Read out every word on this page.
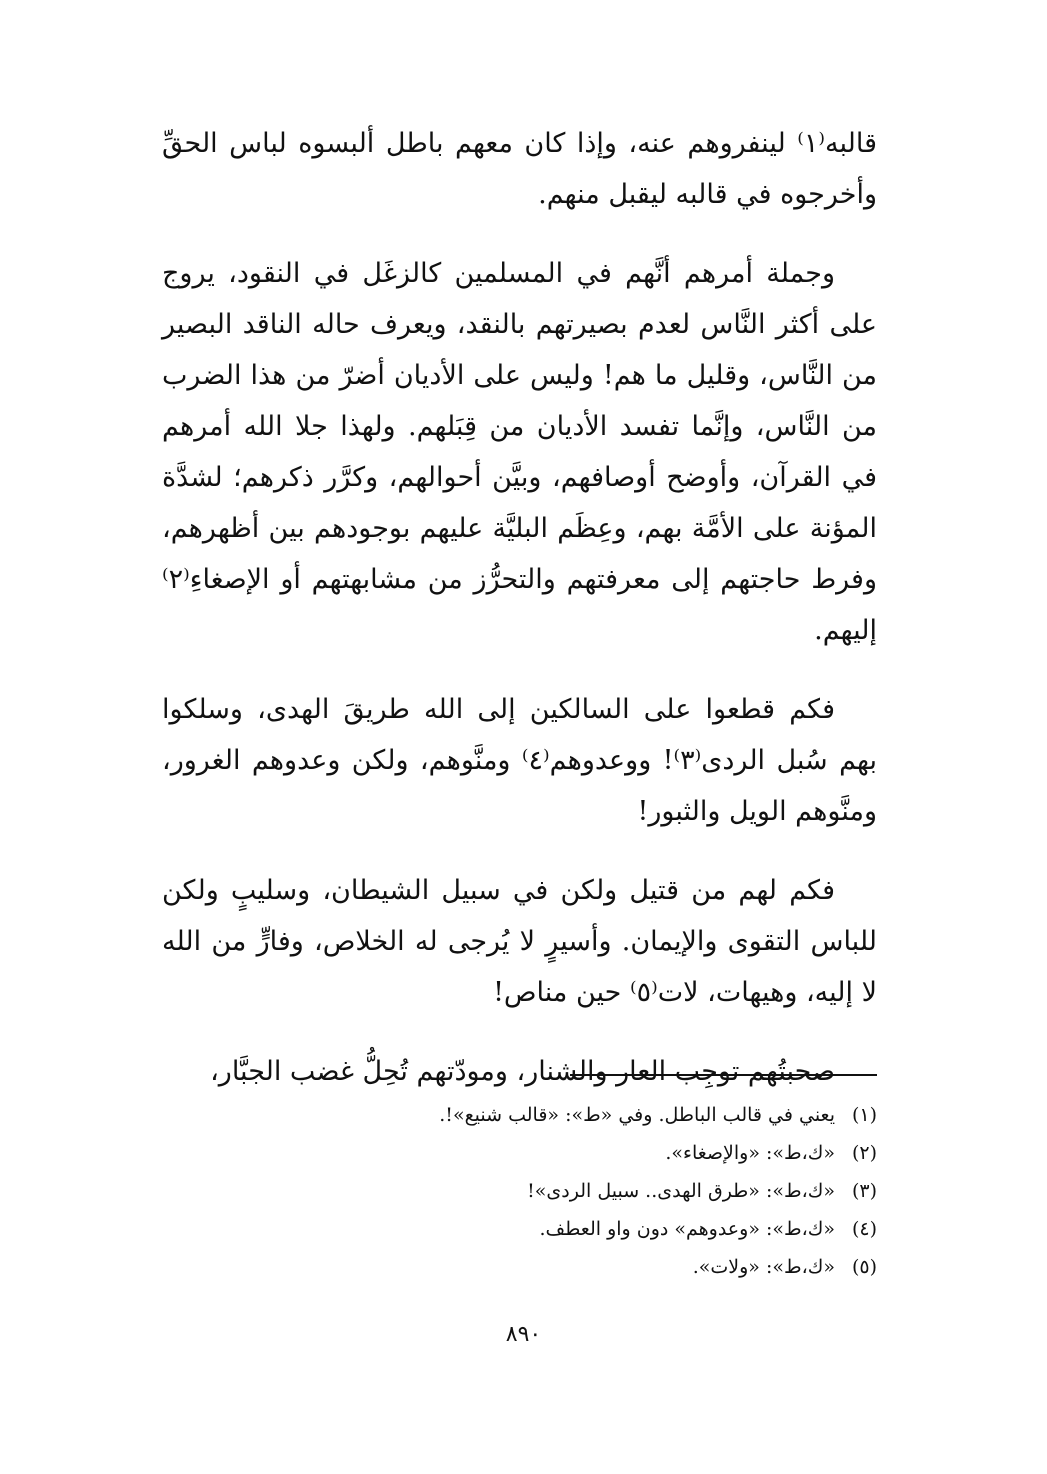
قالبه⁽١⁾ لينفروهم عنه، وإذا كان معهم باطل ألبسوه لباس الحقِّ وأخرجوه في قالبه ليقبل منهم.

وجملة أمرهم أنَّهم في المسلمين كالزغَل في النقود، يروج على أكثر النَّاس لعدم بصيرتهم بالنقد، ويعرف حاله الناقد البصير من النَّاس، وقليل ما هم! وليس على الأديان أضرّ من هذا الضرب من النَّاس، وإنَّما تفسد الأديان من قِبَلهم. ولهذا جلا الله أمرهم في القرآن، وأوضح أوصافهم، وبيَّن أحوالهم، وكرَّر ذكرهم؛ لشدَّة المؤنة على الأمَّة بهم، وعِظَم البليَّة عليهم بوجودهم بين أظهرهم، وفرط حاجتهم إلى معرفتهم والتحرُّز من مشابهتهم أو الإصغاءِ⁽٢⁾ إليهم.

فكم قطعوا على السالكين إلى الله طريقَ الهدى، وسلكوا بهم سُبل الردى⁽٣⁾! ووعدوهم⁽٤⁾ ومنَّوهم، ولكن وعدوهم الغرور، ومنَّوهم الويل والثبور!

فكم لهم من قتيل ولكن في سبيل الشيطان، وسليبٍ ولكن للباس التقوى والإيمان. وأسيرٍ لا يُرجى له الخلاص، وفارٍّ من الله لا إليه، وهيهات، لات⁽٥⁾ حين مناص!

صحبتُهم توجِب العار والشنار، ومودّتهم تُحِلُّ غضب الجبَّار،

(١)
يعني في قالب الباطل. وفي «ط»: «قالب شنيع»!.
(٢)
«ك،ط»: «والإصغاء».
(٣)
«ك،ط»: «طرق الهدى.. سبيل الردى»!
(٤)
«ك،ط»: «وعدوهم» دون واو العطف.
(٥)
«ك،ط»: «ولات».
٨٩٠
